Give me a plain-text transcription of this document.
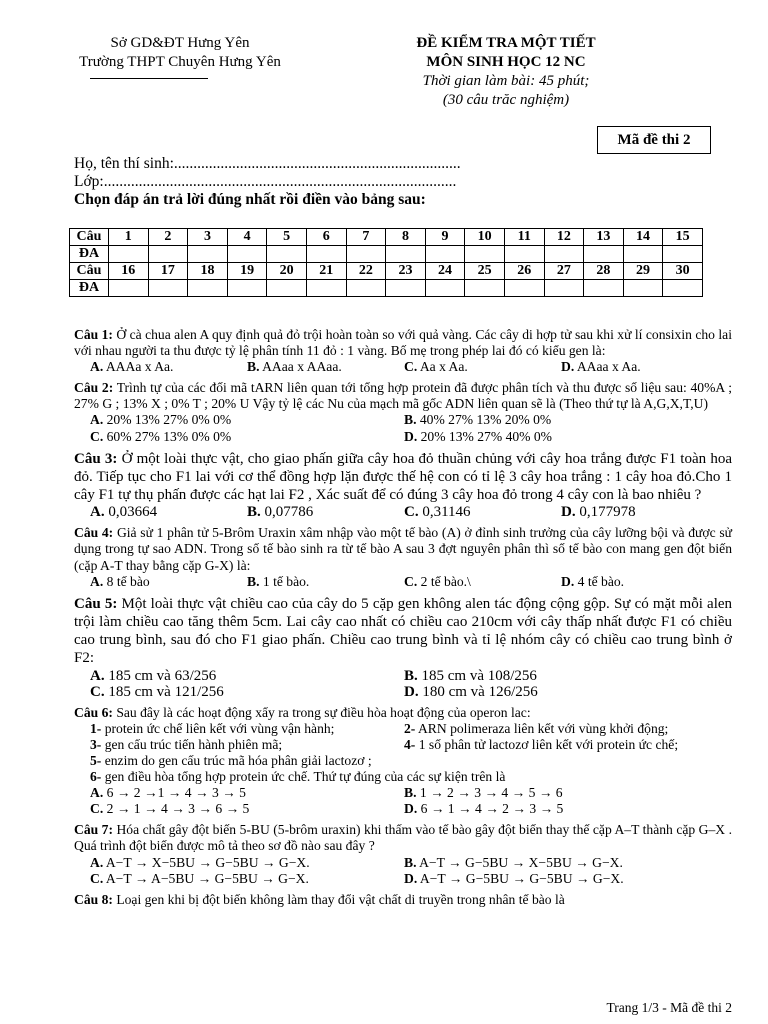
Sở GD&ĐT Hưng Yên
Trường THPT Chuyên Hưng Yên
ĐỀ KIỂM TRA MỘT TIẾT
MÔN SINH HỌC 12 NC
Thời gian làm bài: 45 phút;
(30 câu trăc nghiệm)
Mã đề thi 2
Họ, tên thí sinh:..........................................................................
Lớp:...........................................................................................
Chọn đáp án trả lời đúng nhất rồi điền vào bảng sau:
Câu	1	2	3	4	5	6	7	8	9	10	11	12	13	14	15
ĐA															
Câu	16	17	18	19	20	21	22	23	24	25	26	27	28	29	30
ĐA															

Câu 1: Ở cà chua alen A quy định quả đỏ trội hoàn toàn so với quả vàng. Các cây di hợp tử sau khi xử lí consixin cho lai với nhau người ta thu được tỷ lệ phân tính 11 đỏ : 1 vàng. Bố mẹ trong phép lai đó có kiểu gen là:

A. AAAa x Aa.	B. AAaa x AAaa.	C. Aa x Aa.	D. AAaa x Aa.

Câu 2: Trình tự của các đối mã tARN liên quan tới tổng hợp protein đã được phân tích và thu được số liệu sau: 40%A ; 27% G ; 13% X ; 0% T ; 20% U Vậy tỷ lệ các Nu của mạch mã gốc ADN liên quan sẽ là (Theo thứ tự là A,G,X,T,U)

A. 20% 13% 27% 0% 0%	B. 40% 27% 13% 20% 0%
C. 60% 27% 13% 0% 0%	D. 20% 13% 27% 40% 0%

Câu 3: Ở một loài thực vật, cho giao phấn giữa cây hoa đỏ thuần chủng với cây hoa trắng được F1 toàn hoa đỏ. Tiếp tục cho F1 lai với cơ thể đồng hợp lặn được thế hệ con có tỉ lệ 3 cây hoa trắng : 1 cây hoa đỏ.Cho 1 cây F1 tự thụ phấn được các hạt lai F2 , Xác suất để có đúng 3 cây hoa đỏ trong 4 cây con là bao nhiêu ?

A. 0,03664	B. 0,07786	C. 0,31146	D. 0,177978

Câu 4: Giả sử 1 phân tử 5-Brôm Uraxin xâm nhập vào một tế bào (A) ở đỉnh sinh trưởng của cây lưỡng bội và được sử dụng trong tự sao ADN. Trong số tế bào sinh ra từ tế bào A sau 3 đợt nguyên phân thì số tế bào con mang gen đột biến (cặp A-T thay bằng cặp G-X) là:

A. 8 tế bào	B. 1 tế bào.	C. 2 tế bào.\	D. 4 tế bào.

Câu 5: Một loài thực vật chiều cao của cây do 5 cặp gen không alen tác động cộng gộp. Sự có mặt mỗi alen trội làm chiều cao tăng thêm 5cm. Lai cây cao nhất có chiều cao 210cm với cây thấp nhất được F1 có chiều cao trung bình, sau đó cho F1 giao phấn. Chiều cao trung bình và tỉ lệ nhóm cây có chiều cao trung bình ở F2:

A. 185 cm và 63/256	B. 185 cm và 108/256
C. 185 cm và 121/256	D. 180 cm và 126/256

Câu 6: Sau đây là các hoạt động xẩy ra trong sự điều hòa hoạt động của operon lac:

1- protein ức chế liên kết với vùng vận hành;	2- ARN polimeraza liên kết với vùng khởi động;
3- gen cấu trúc tiến hành phiên mã;	4- 1 số phân tử lactozơ liên kết với protein ức chế;
5- enzim do gen cấu trúc mã hóa phân giải lactozơ ;
6- gen điều hòa tổng hợp protein ức chế. Thứ tự đúng của các sự kiện trên là
A. 6 → 2 →1 → 4 → 3 → 5	B. 1 → 2 → 3 → 4 → 5 → 6
C. 2 → 1 → 4 → 3 → 6 → 5	D. 6 → 1 → 4 → 2 → 3 → 5

Câu 7: Hóa chất gây đột biến 5-BU (5-brôm uraxin) khi thấm vào tế bào gây đột biến thay thế cặp A–T thành cặp G–X . Quá trình đột biến được mô tả theo sơ đồ nào sau đây ?

A. A−T → X−5BU → G−5BU → G−X.	B. A−T → G−5BU → X−5BU → G−X.
C. A−T → A−5BU → G−5BU → G−X.	D. A−T → G−5BU → G−5BU → G−X.

Câu 8: Loại gen khi bị đột biến không làm thay đổi vật chất di truyền trong nhân tế bào là

Trang 1/3 - Mã đề thi 2
